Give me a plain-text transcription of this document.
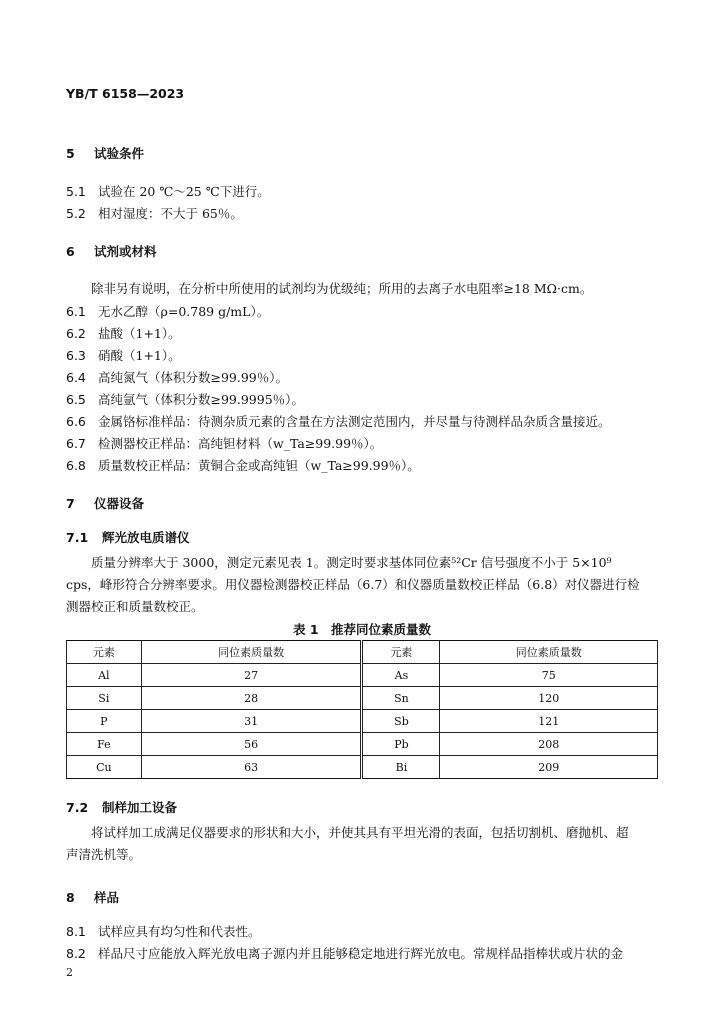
YB/T 6158—2023
5 试验条件
5.1 试验在 20 ℃～25 ℃下进行。
5.2 相对湿度：不大于 65％。
6 试剂或材料
除非另有说明，在分析中所使用的试剂均为优级纯；所用的去离子水电阻率≥18 MΩ·cm。
6.1 无水乙醇（ρ=0.789 g/mL）。
6.2 盐酸（1+1）。
6.3 硝酸（1+1）。
6.4 高纯氮气（体积分数≥99.99％）。
6.5 高纯氩气（体积分数≥99.9995％）。
6.6 金属铬标准样品：待测杂质元素的含量在方法测定范围内，并尽量与待测样品杂质含量接近。
6.7 检测器校正样品：高纯钽材料（w_Ta≥99.99％）。
6.8 质量数校正样品：黄铜合金或高纯钽（w_Ta≥99.99％）。
7 仪器设备
7.1 辉光放电质谱仪
质量分辨率大于 3000，测定元素见表 1。测定时要求基体同位素⁵²Cr 信号强度不小于 5×10⁹ cps，峰形符合分辨率要求。用仪器检测器校正样品（6.7）和仪器质量数校正样品（6.8）对仪器进行检测器校正和质量数校正。
表 1　推荐同位素质量数
元素	同位素质量数	元素	同位素质量数
Al	27	As	75
Si	28	Sn	120
P	31	Sb	121
Fe	56	Pb	208
Cu	63	Bi	209
7.2 制样加工设备
将试样加工成满足仪器要求的形状和大小，并使其具有平坦光滑的表面，包括切割机、磨抛机、超声清洗机等。
8 样品
8.1 试样应具有均匀性和代表性。
8.2 样品尺寸应能放入辉光放电离子源内并且能够稳定地进行辉光放电。常规样品指棒状或片状的金
2
